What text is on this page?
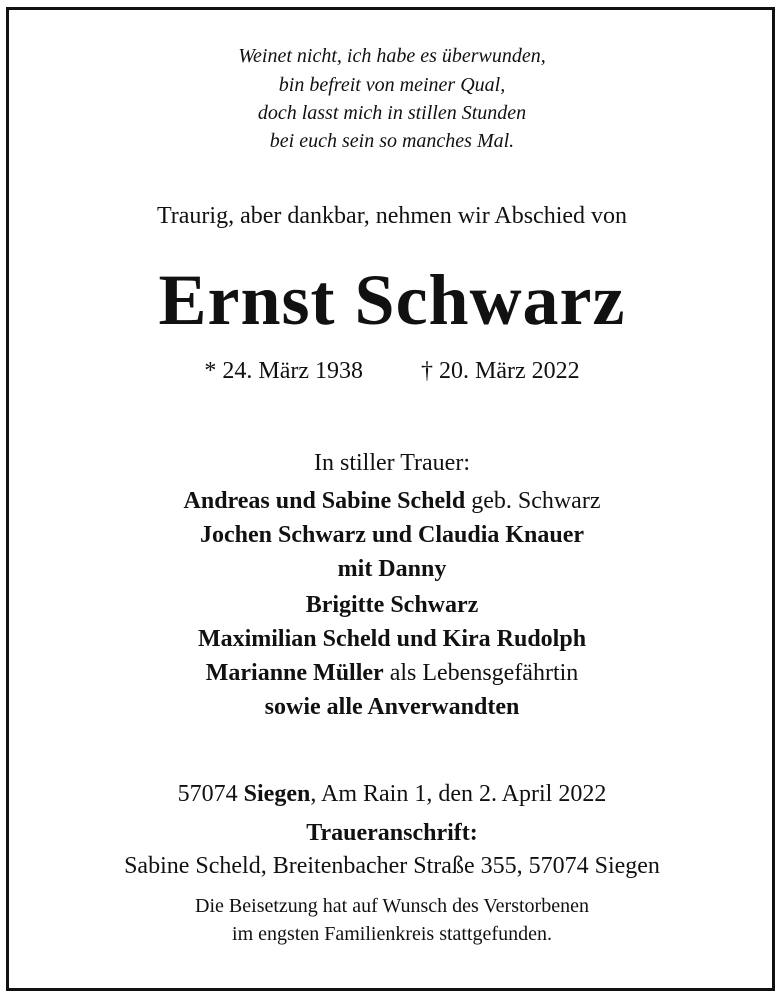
Weinet nicht, ich habe es überwunden,
bin befreit von meiner Qual,
doch lasst mich in stillen Stunden
bei euch sein so manches Mal.
Traurig, aber dankbar, nehmen wir Abschied von
Ernst Schwarz
* 24. März 1938 † 20. März 2022
In stiller Trauer:
Andreas und Sabine Scheld geb. Schwarz
Jochen Schwarz und Claudia Knauer
mit Danny
Brigitte Schwarz
Maximilian Scheld und Kira Rudolph
Marianne Müller als Lebensgefährtin
sowie alle Anverwandten
57074 Siegen, Am Rain 1, den 2. April 2022
Traueranschrift:
Sabine Scheld, Breitenbacher Straße 355, 57074 Siegen
Die Beisetzung hat auf Wunsch des Verstorbenen
im engsten Familienkreis stattgefunden.
